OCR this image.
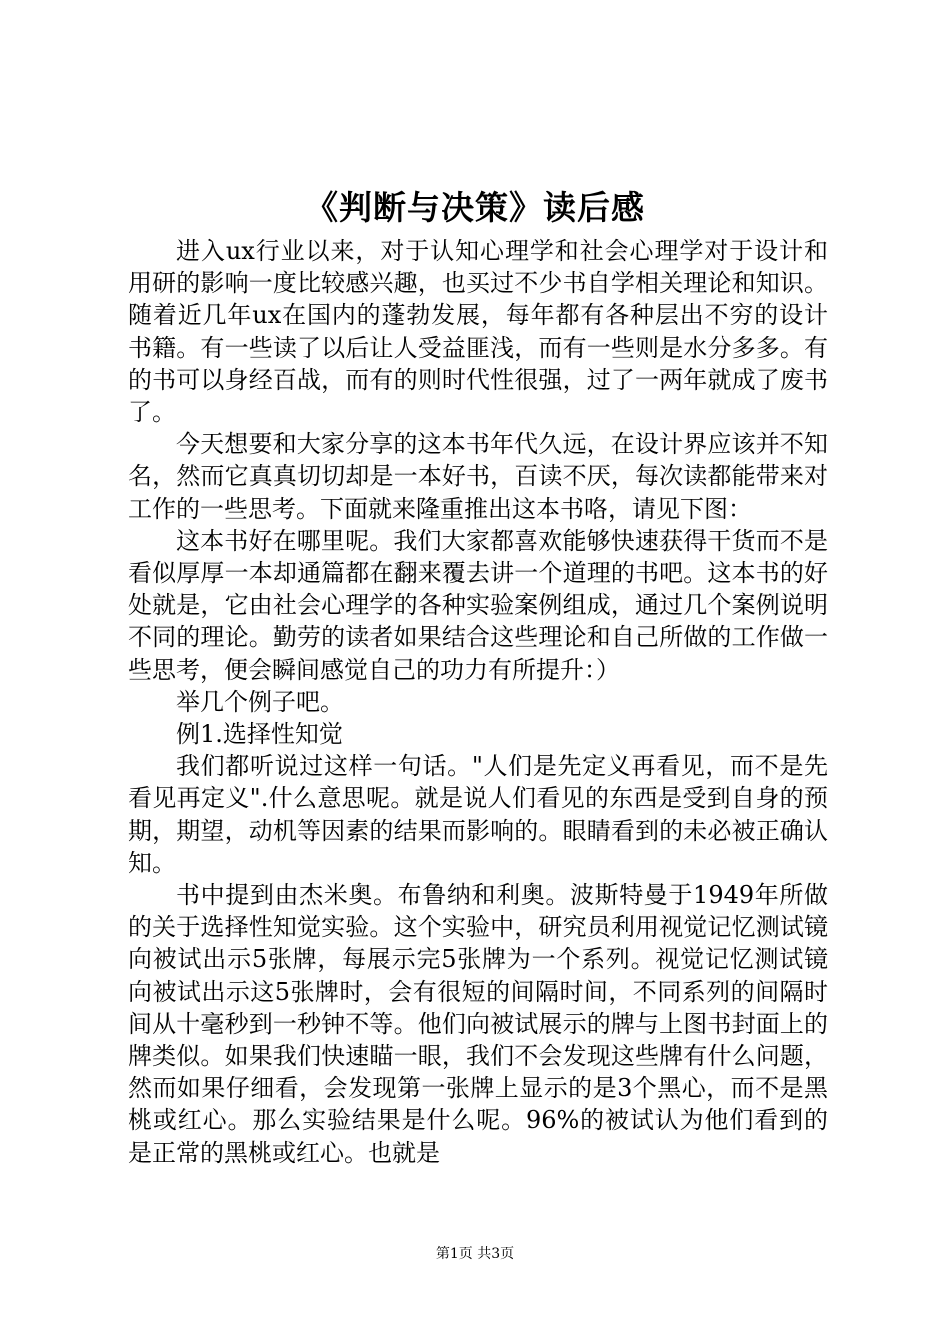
《判断与决策》读后感

进入ux行业以来，对于认知心理学和社会心理学对于设计和用研的影响一度比较感兴趣，也买过不少书自学相关理论和知识。随着近几年ux在国内的蓬勃发展，每年都有各种层出不穷的设计书籍。有一些读了以后让人受益匪浅，而有一些则是水分多多。有的书可以身经百战，而有的则时代性很强，过了一两年就成了废书了。

今天想要和大家分享的这本书年代久远，在设计界应该并不知名，然而它真真切切却是一本好书，百读不厌，每次读都能带来对工作的一些思考。下面就来隆重推出这本书咯，请见下图：

这本书好在哪里呢。我们大家都喜欢能够快速获得干货而不是看似厚厚一本却通篇都在翻来覆去讲一个道理的书吧。这本书的好处就是，它由社会心理学的各种实验案例组成，通过几个案例说明不同的理论。勤劳的读者如果结合这些理论和自己所做的工作做一些思考，便会瞬间感觉自己的功力有所提升：）

举几个例子吧。

例1.选择性知觉

我们都听说过这样一句话。"人们是先定义再看见，而不是先看见再定义".什么意思呢。就是说人们看见的东西是受到自身的预期，期望，动机等因素的结果而影响的。眼睛看到的未必被正确认知。

书中提到由杰米奥。布鲁纳和利奥。波斯特曼于1949年所做的关于选择性知觉实验。这个实验中，研究员利用视觉记忆测试镜向被试出示5张牌，每展示完5张牌为一个系列。视觉记忆测试镜向被试出示这5张牌时，会有很短的间隔时间，不同系列的间隔时间从十毫秒到一秒钟不等。他们向被试展示的牌与上图书封面上的牌类似。如果我们快速瞄一眼，我们不会发现这些牌有什么问题，然而如果仔细看，会发现第一张牌上显示的是3个黑心，而不是黑桃或红心。那么实验结果是什么呢。96%的被试认为他们看到的是正常的黑桃或红心。也就是

第1页 共3页
